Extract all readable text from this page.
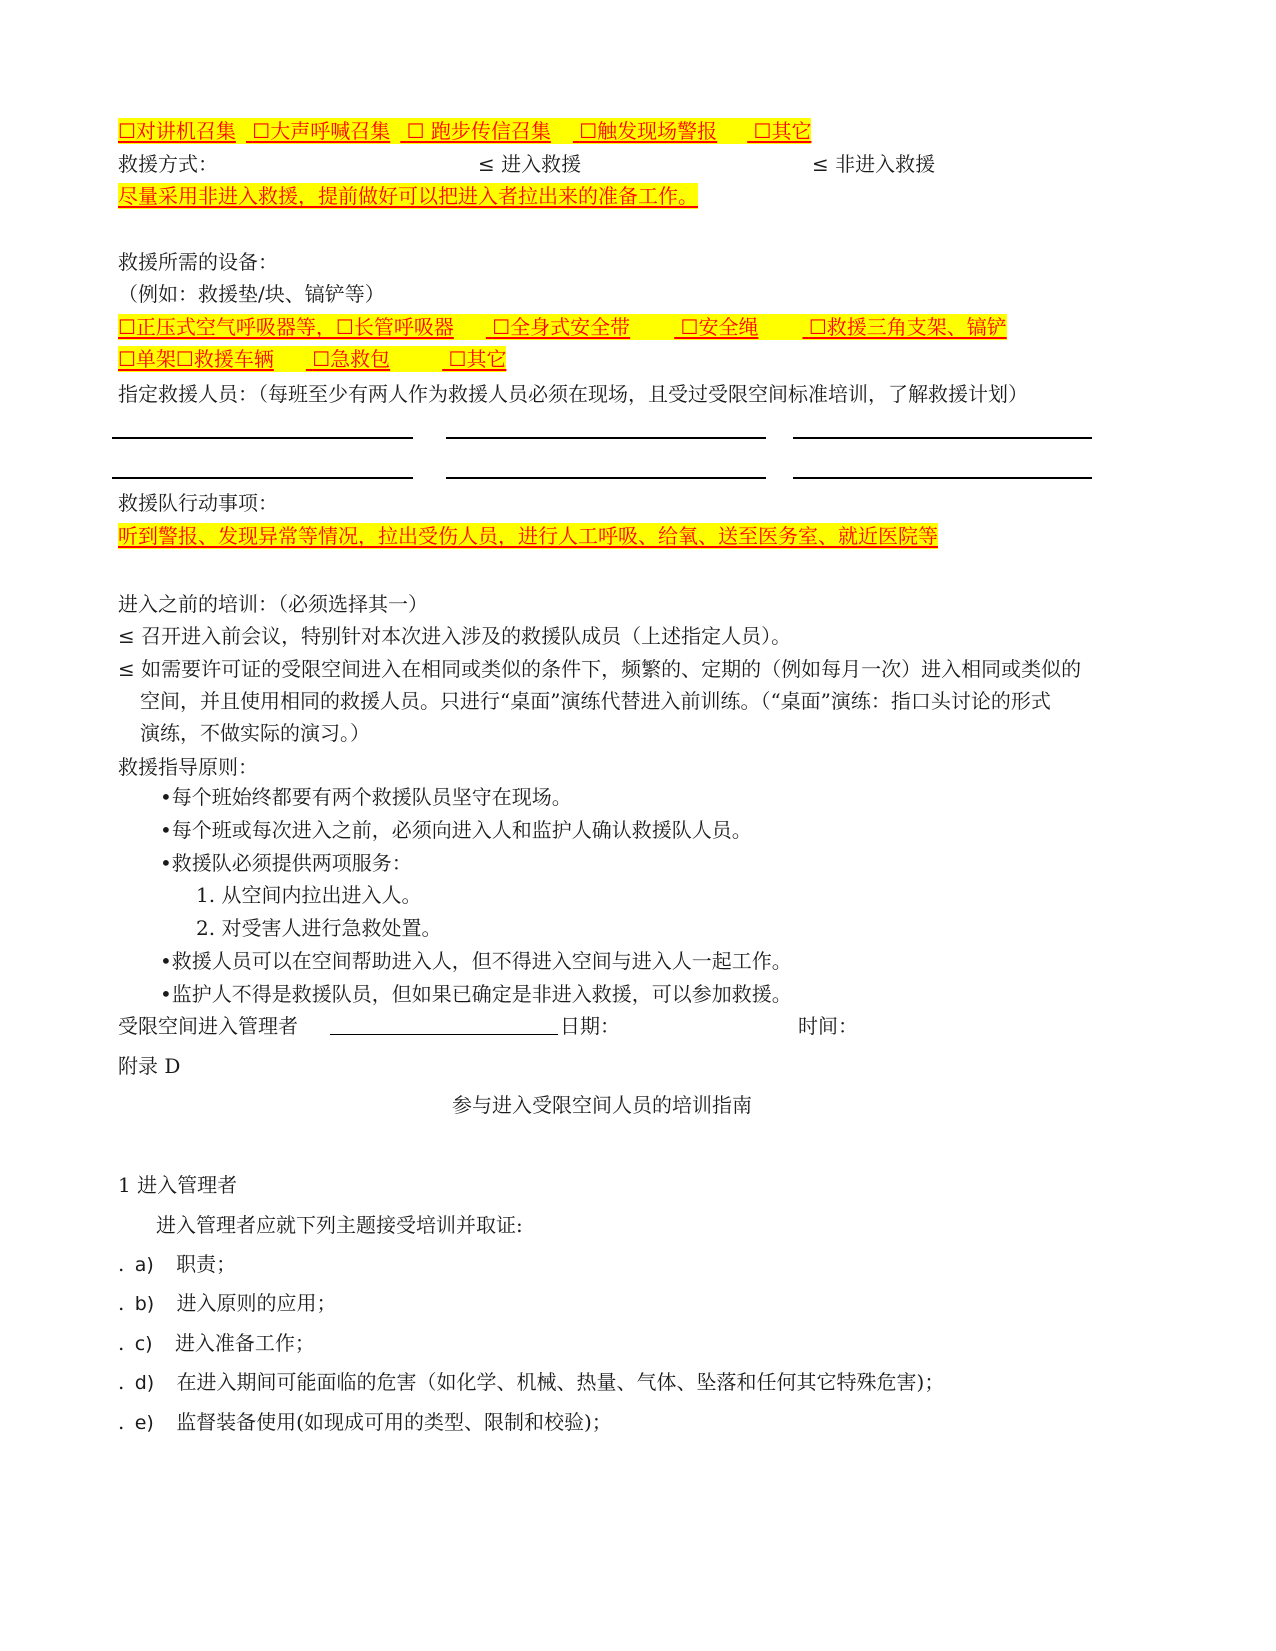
☐对讲机召集 ☐大声呼喊召集 ☐ 跑步传信召集 ☐触发现场警报 ☐其它
救援方式：	≤ 进入救援	≤ 非进入救援
尽量采用非进入救援，提前做好可以把进入者拉出来的准备工作。
救援所需的设备：
（例如：救援垫/块、镐铲等）
☐正压式空气呼吸器等，☐长管呼吸器 ☐全身式安全带	☐安全绳	☐救援三角支架、镐铲
☐单架☐救援车辆 ☐急救包	☐其它
指定救援人员：（每班至少有两人作为救援人员必须在现场，且受过受限空间标准培训，了解救援计划）
救援队行动事项：
听到警报、发现异常等情况，拉出受伤人员，进行人工呼吸、给氧、送至医务室、就近医院等
进入之前的培训：（必须选择其一）
≤ 召开进入前会议，特别针对本次进入涉及的救援队成员（上述指定人员）。
≤ 如需要许可证的受限空间进入在相同或类似的条件下，频繁的、定期的（例如每月一次）进入相同或类似的
空间，并且使用相同的救援人员。只进行“桌面”演练代替进入前训练。（“桌面”演练：指口头讨论的形式
演练，不做实际的演习。）
救援指导原则：
•每个班始终都要有两个救援队员坚守在现场。
•每个班或每次进入之前，必须向进入人和监护人确认救援队人员。
•救援队必须提供两项服务：
1. 从空间内拉出进入人。
2. 对受害人进行急救处置。
•救援人员可以在空间帮助进入人，但不得进入空间与进入人一起工作。
•监护人不得是救援队员，但如果已确定是非进入救援，可以参加救援。
受限空间进入管理者	日期：	时间：
附录 D
参与进入受限空间人员的培训指南
1 进入管理者
进入管理者应就下列主题接受培训并取证:
. a) 职责；
. b) 进入原则的应用；
. c) 进入准备工作；
. d) 在进入期间可能面临的危害（如化学、机械、热量、气体、坠落和任何其它特殊危害)；
. e) 监督装备使用(如现成可用的类型、限制和校验)；
